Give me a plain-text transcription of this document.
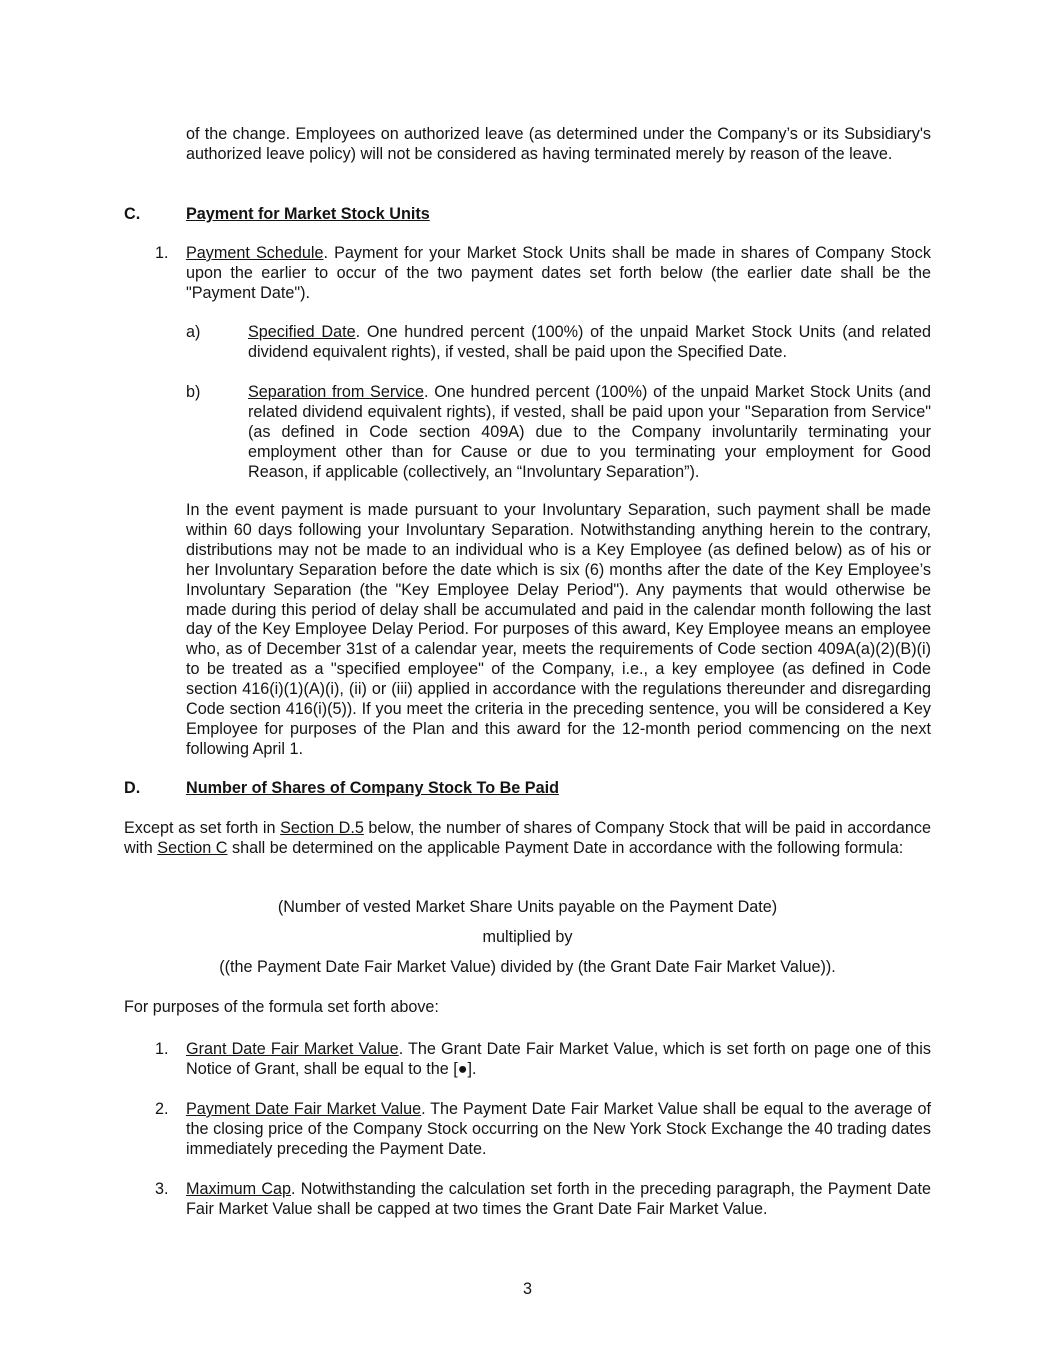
of the change. Employees on authorized leave (as determined under the Company’s or its Subsidiary's authorized leave policy) will not be considered as having terminated merely by reason of the leave.

C.	Payment for Market Stock Units

1. Payment Schedule. Payment for your Market Stock Units shall be made in shares of Company Stock upon the earlier to occur of the two payment dates set forth below (the earlier date shall be the "Payment Date").

a)	Specified Date. One hundred percent (100%) of the unpaid Market Stock Units (and related dividend equivalent rights), if vested, shall be paid upon the Specified Date.

b)	Separation from Service. One hundred percent (100%) of the unpaid Market Stock Units (and related dividend equivalent rights), if vested, shall be paid upon your "Separation from Service" (as defined in Code section 409A) due to the Company involuntarily terminating your employment other than for Cause or due to you terminating your employment for Good Reason, if applicable (collectively, an “Involuntary Separation”).

In the event payment is made pursuant to your Involuntary Separation, such payment shall be made within 60 days following your Involuntary Separation. Notwithstanding anything herein to the contrary, distributions may not be made to an individual who is a Key Employee (as defined below) as of his or her Involuntary Separation before the date which is six (6) months after the date of the Key Employee’s Involuntary Separation (the "Key Employee Delay Period"). Any payments that would otherwise be made during this period of delay shall be accumulated and paid in the calendar month following the last day of the Key Employee Delay Period. For purposes of this award, Key Employee means an employee who, as of December 31st of a calendar year, meets the requirements of Code section 409A(a)(2)(B)(i) to be treated as a "specified employee" of the Company, i.e., a key employee (as defined in Code section 416(i)(1)(A)(i), (ii) or (iii) applied in accordance with the regulations thereunder and disregarding Code section 416(i)(5)). If you meet the criteria in the preceding sentence, you will be considered a Key Employee for purposes of the Plan and this award for the 12-month period commencing on the next following April 1.

D.	Number of Shares of Company Stock To Be Paid

Except as set forth in Section D.5 below, the number of shares of Company Stock that will be paid in accordance with Section C shall be determined on the applicable Payment Date in accordance with the following formula:

(Number of vested Market Share Units payable on the Payment Date)

multiplied by

((the Payment Date Fair Market Value) divided by (the Grant Date Fair Market Value)).

For purposes of the formula set forth above:

1. Grant Date Fair Market Value. The Grant Date Fair Market Value, which is set forth on page one of this Notice of Grant, shall be equal to the [●].

2. Payment Date Fair Market Value. The Payment Date Fair Market Value shall be equal to the average of the closing price of the Company Stock occurring on the New York Stock Exchange the 40 trading dates immediately preceding the Payment Date.

3. Maximum Cap. Notwithstanding the calculation set forth in the preceding paragraph, the Payment Date Fair Market Value shall be capped at two times the Grant Date Fair Market Value.

3
